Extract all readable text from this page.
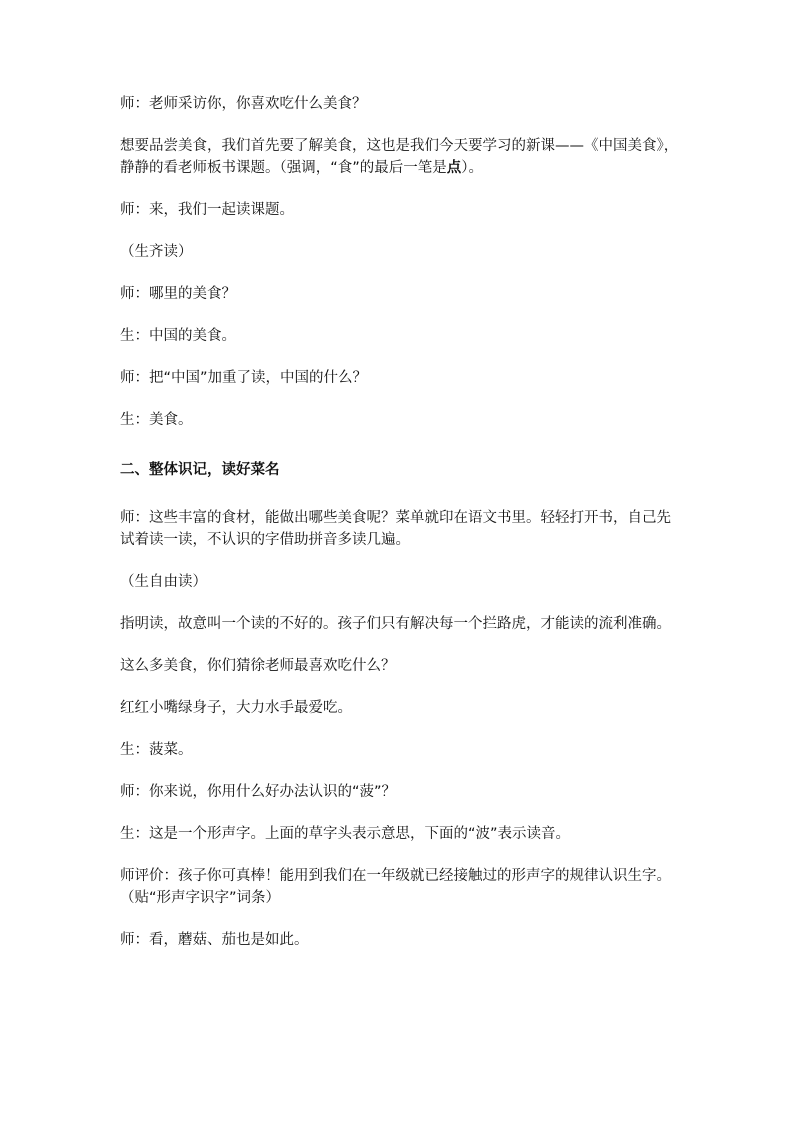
师：老师采访你，你喜欢吃什么美食？

想要品尝美食，我们首先要了解美食，这也是我们今天要学习的新课——《中国美食》，静静的看老师板书课题。（强调，“食”的最后一笔是点）。

师：来，我们一起读课题。

（生齐读）

师：哪里的美食？

生：中国的美食。

师：把“中国”加重了读，中国的什么？

生：美食。

二、整体识记，读好菜名

师：这些丰富的食材，能做出哪些美食呢？菜单就印在语文书里。轻轻打开书，自己先试着读一读，不认识的字借助拼音多读几遍。

（生自由读）

指明读，故意叫一个读的不好的。孩子们只有解决每一个拦路虎，才能读的流利准确。

这么多美食，你们猜徐老师最喜欢吃什么？

红红小嘴绿身子，大力水手最爱吃。

生：菠菜。

师：你来说，你用什么好办法认识的“菠”？

生：这是一个形声字。上面的草字头表示意思，下面的“波”表示读音。

师评价：孩子你可真棒！能用到我们在一年级就已经接触过的形声字的规律认识生字。（贴“形声字识字”词条）

师：看，蘑菇、茄也是如此。
